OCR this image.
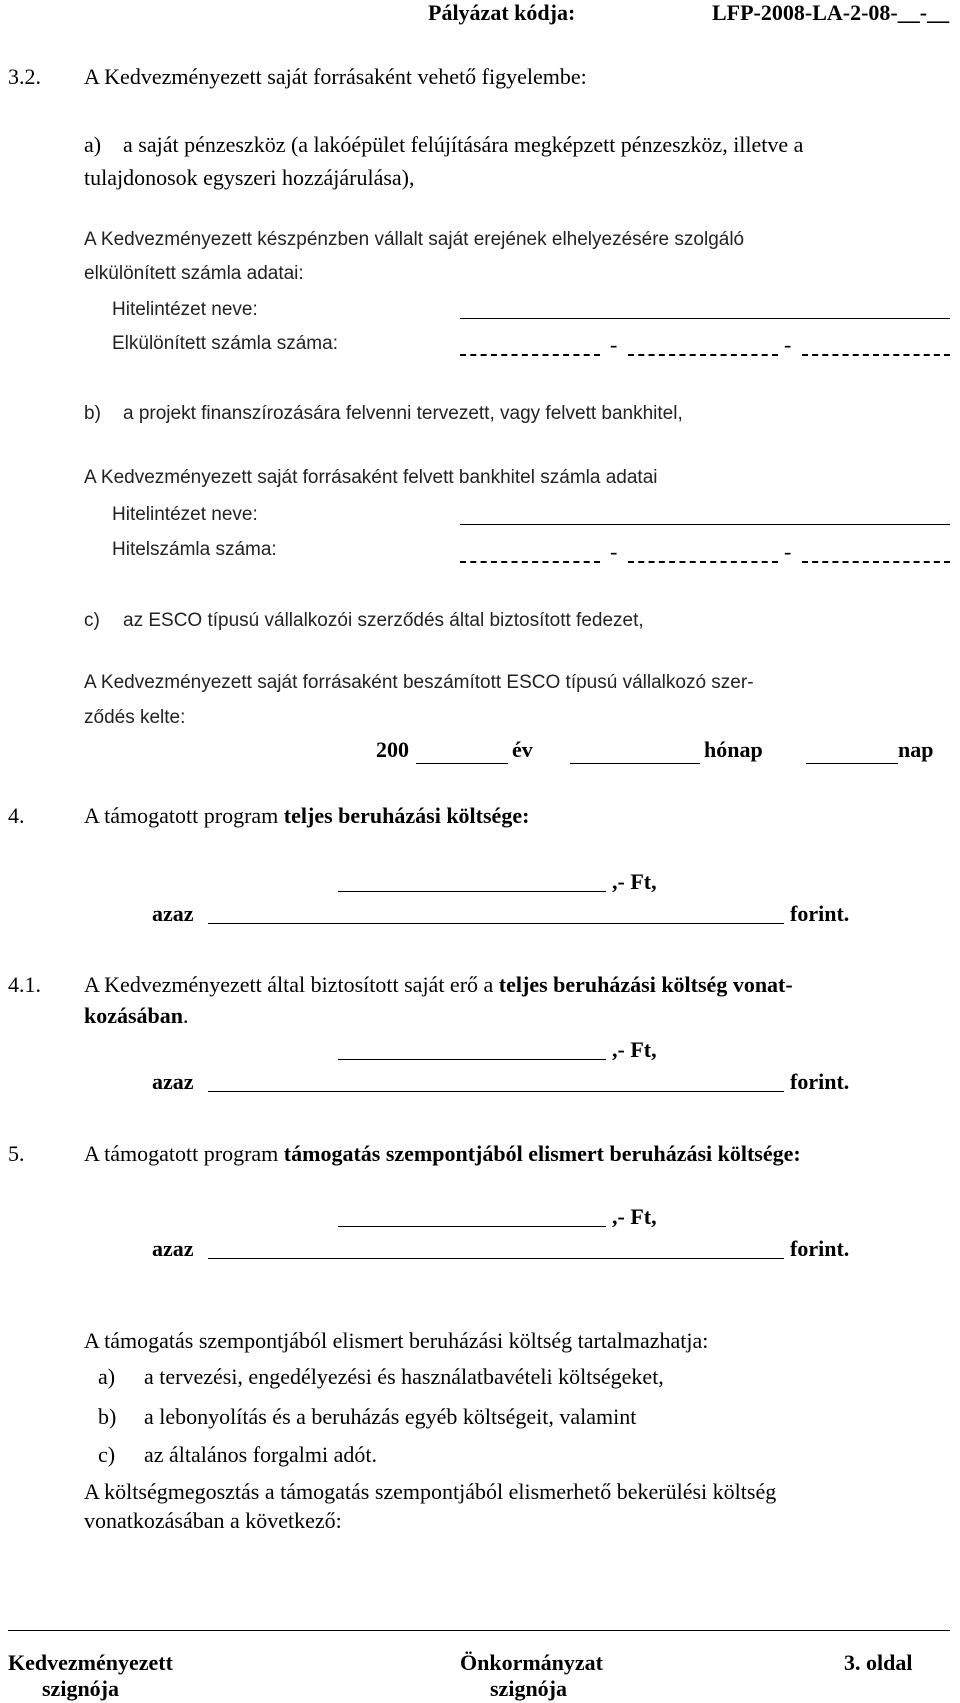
Pályázat kódja:	LFP-2008-LA-2-08-__-__
3.2. A Kedvezményezett saját forrásaként vehető figyelembe:
a) a saját pénzeszköz (a lakóépület felújítására megképzett pénzeszköz, illetve a
tulajdonosok egyszeri hozzájárulása),
A Kedvezményezett készpénzben vállalt saját erejének elhelyezésére szolgáló
elkülönített számla adatai:
Hitelintézet neve:
Elkülönített számla száma:	-	-
b) a projekt finanszírozására felvenni tervezett, vagy felvett bankhitel,
A Kedvezményezett saját forrásaként felvett bankhitel számla adatai
Hitelintézet neve:
Hitelszámla száma:	-	-
c) az ESCO típusú vállalkozói szerződés által biztosított fedezet,
A Kedvezményezett saját forrásaként beszámított ESCO típusú vállalkozó szer-
ződés kelte:
200	év	hónap	nap
4.	A támogatott program teljes beruházási költsége:
,- Ft,
azaz	forint.
4.1. A Kedvezményezett által biztosított saját erő a teljes beruházási költség vonat-
kozásában.
,- Ft,
azaz	forint.
5.	A támogatott program támogatás szempontjából elismert beruházási költsége:
,- Ft,
azaz	forint.
A támogatás szempontjából elismert beruházási költség tartalmazhatja:
a) a tervezési, engedélyezési és használatbavételi költségeket,
b) a lebonyolítás és a beruházás egyéb költségeit, valamint
c) az általános forgalmi adót.
A költségmegosztás a támogatás szempontjából elismerhető bekerülési költség
vonatkozásában a következő:
Kedvezményezett
szignója
Önkormányzat
szignója
3. oldal
